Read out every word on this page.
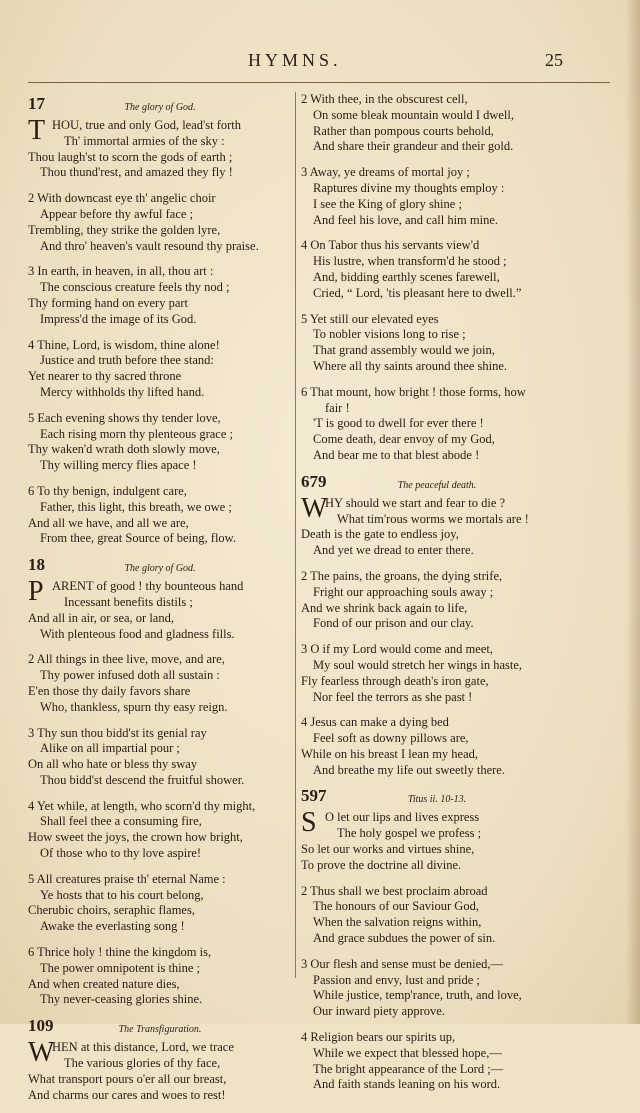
HYMNS.	25
17	The glory of God.
T HOU, true and only God, lead'st forth
Th' immortal armies of the sky :
Thou laugh'st to scorn the gods of earth ;
Thou thund'rest, and amazed they fly !
2 With downcast eye th' angelic choir
Appear before thy awful face ;
Trembling, they strike the golden lyre,
And thro' heaven's vault resound thy praise.
3 In earth, in heaven, in all, thou art :
The conscious creature feels thy nod ;
Thy forming hand on every part
Impress'd the image of its God.
4 Thine, Lord, is wisdom, thine alone!
Justice and truth before thee stand:
Yet nearer to thy sacred throne
Mercy withholds thy lifted hand.
5 Each evening shows thy tender love,
Each rising morn thy plenteous grace ;
Thy waken'd wrath doth slowly move,
Thy willing mercy flies apace !
6 To thy benign, indulgent care,
Father, this light, this breath, we owe ;
And all we have, and all we are,
From thee, great Source of being, flow.
18	The glory of God.
P ARENT of good ! thy bounteous hand
Incessant benefits distils ;
And all in air, or sea, or land,
With plenteous food and gladness fills.
2 All things in thee live, move, and are,
Thy power infused doth all sustain :
E'en those thy daily favors share
Who, thankless, spurn thy easy reign.
3 Thy sun thou bidd'st its genial ray
Alike on all impartial pour ;
On all who hate or bless thy sway
Thou bidd'st descend the fruitful shower.
4 Yet while, at length, who scorn'd thy might,
Shall feel thee a consuming fire,
How sweet the joys, the crown how bright,
Of those who to thy love aspire!
5 All creatures praise th' eternal Name :
Ye hosts that to his court belong,
Cherubic choirs, seraphic flames,
Awake the everlasting song !
6 Thrice holy ! thine the kingdom is,
The power omnipotent is thine ;
And when created nature dies,
Thy never-ceasing glories shine.
109	The Transfiguration.
W
HEN at this distance, Lord, we trace
The various glories of thy face,
What transport pours o'er all our breast,
And charms our cares and woes to rest!
2 With thee, in the obscurest cell,
On some bleak mountain would I dwell,
Rather than pompous courts behold,
And share their grandeur and their gold.
3 Away, ye dreams of mortal joy ;
Raptures divine my thoughts employ :
I see the King of glory shine ;
And feel his love, and call him mine.
4 On Tabor thus his servants view'd
His lustre, when transform'd he stood ;
And, bidding earthly scenes farewell,
Cried, “ Lord, 'tis pleasant here to dwell.”
5 Yet still our elevated eyes
To nobler visions long to rise ;
That grand assembly would we join,
Where all thy saints around thee shine.
6 That mount, how bright ! those forms, how
fair !
'T is good to dwell for ever there !
Come death, dear envoy of my God,
And bear me to that blest abode !
679	The peaceful death.
W
HY should we start and fear to die ?
What tim'rous worms we mortals are !
Death is the gate to endless joy,
And yet we dread to enter there.
2 The pains, the groans, the dying strife,
Fright our approaching souls away ;
And we shrink back again to life,
Fond of our prison and our clay.
3 O if my Lord would come and meet,
My soul would stretch her wings in haste,
Fly fearless through death's iron gate,
Nor feel the terrors as she past !
4 Jesus can make a dying bed
Feel soft as downy pillows are,
While on his breast I lean my head,
And breathe my life out sweetly there.
597	Titus ii. 10-13.
S O let our lips and lives express
The holy gospel we profess ;
So let our works and virtues shine,
To prove the doctrine all divine.
2 Thus shall we best proclaim abroad
The honours of our Saviour God,
When the salvation reigns within,
And grace subdues the power of sin.
3 Our flesh and sense must be denied,—
Passion and envy, lust and pride ;
While justice, temp'rance, truth, and love,
Our inward piety approve.
4 Religion bears our spirits up,
While we expect that blessed hope,—
The bright appearance of the Lord ;—
And faith stands leaning on his word.
